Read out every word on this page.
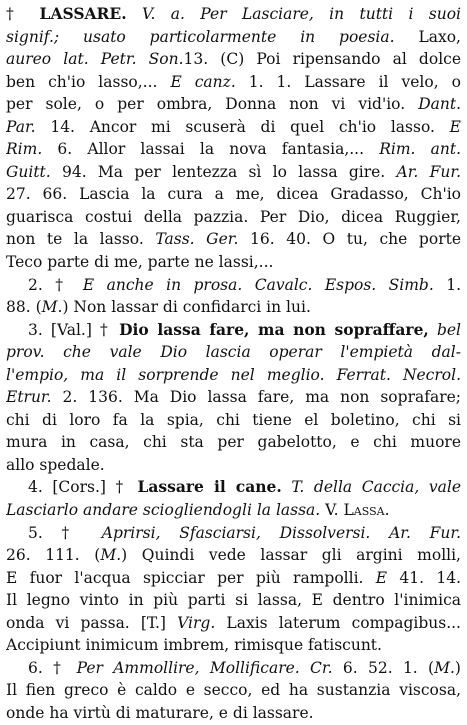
† LASSARE. V. a. Per Lasciare, in tutti i suoi
signif.; usato particolarmente in poesia. Laxo,
aureo lat. Petr. Son.13. (C) Poi ripensando al dolce
ben ch'io lasso,... E canz. 1. 1. Lassare il velo, o
per sole, o per ombra, Donna non vi vid'io. Dant.
Par. 14. Ancor mi scuserà di quel ch'io lasso. E
Rim. 6. Allor lassai la nova fantasia,... Rim. ant.
Guitt. 94. Ma per lentezza sì lo lassa gire. Ar. Fur.
27. 66. Lascia la cura a me, dicea Gradasso, Ch'io
guarisca costui della pazzia. Per Dio, dicea Ruggier,
non te la lasso. Tass. Ger. 16. 40. O tu, che porte
Teco parte di me, parte ne lassi,...
2. † E anche in prosa. Cavalc. Espos. Simb. 1.
88. (M.) Non lassar di confidarci in lui.
3. [Val.] † Dio lassa fare, ma non sopraffare, bel
prov. che vale Dio lascia operar l'empietà dal-
l'empio, ma il sorprende nel meglio. Ferrat. Necrol.
Etrur. 2. 136. Ma Dio lassa fare, ma non soprafare;
chi di loro fa la spia, chi tiene el boletino, chi si
mura in casa, chi sta per gabelotto, e chi muore
allo spedale.
4. [Cors.] † Lassare il cane. T. della Caccia, vale
Lasciarlo andare sciogliendogli la lassa. V. Lassa.
5. † Aprirsi, Sfasciarsi, Dissolversi. Ar. Fur.
26. 111. (M.) Quindi vede lassar gli argini molli,
E fuor l'acqua spicciar per più rampolli. E 41. 14.
Il legno vinto in più parti si lassa, E dentro l'inimica
onda vi passa. [T.] Virg. Laxis laterum compagibus...
Accipiunt inimicum imbrem, rimisque fatiscunt.
6. † Per Ammollire, Mollificare. Cr. 6. 52. 1. (M.)
Il fien greco è caldo e secco, ed ha sustanzia viscosa,
onde ha virtù di maturare, e di lassare.
